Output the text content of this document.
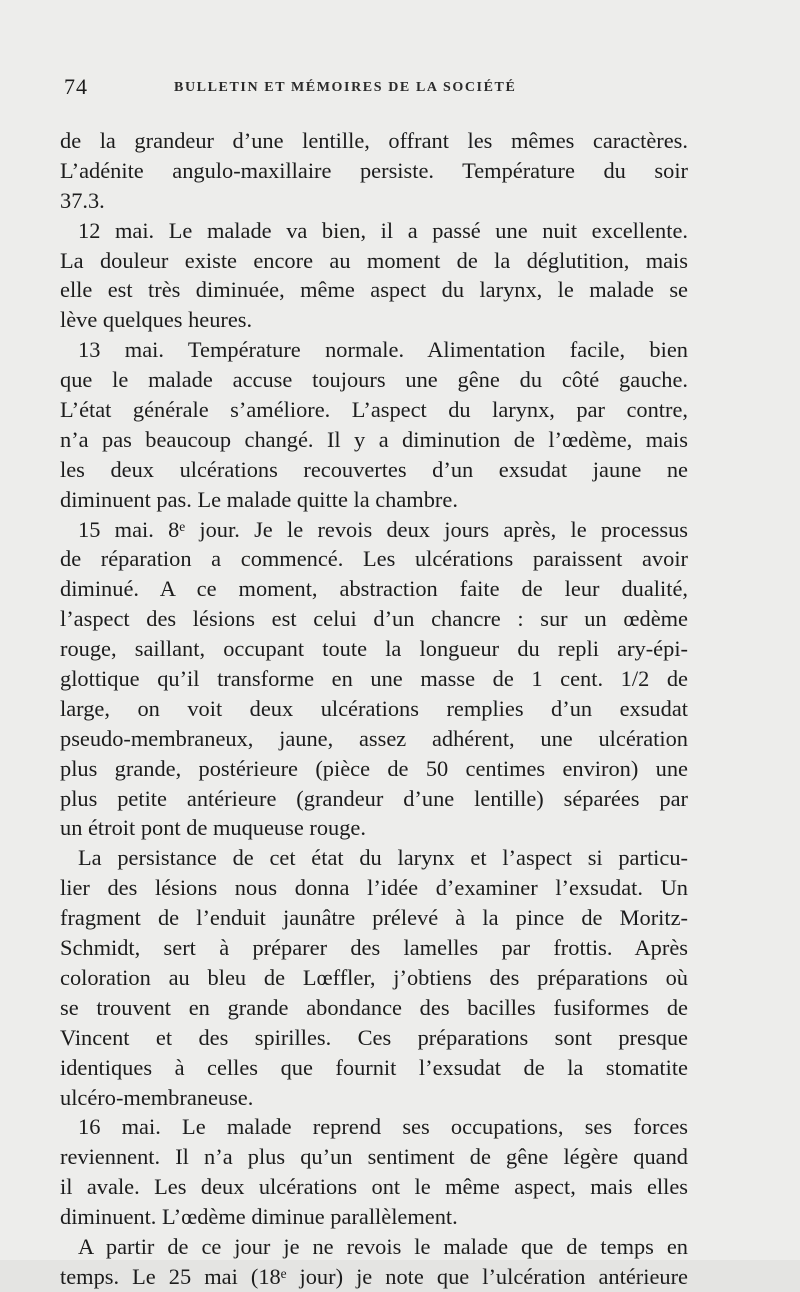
74	BULLETIN ET MÉMOIRES DE LA SOCIÉTÉ

de la grandeur d’une lentille, offrant les mêmes caractères.
L’adénite angulo-maxillaire persiste. Température du soir
37.3.

12 mai. Le malade va bien, il a passé une nuit excellente.
La douleur existe encore au moment de la déglutition, mais
elle est très diminuée, même aspect du larynx, le malade se
lève quelques heures.

13 mai. Température normale. Alimentation facile, bien
que le malade accuse toujours une gêne du côté gauche.
L’état générale s’améliore. L’aspect du larynx, par contre,
n’a pas beaucoup changé. Il y a diminution de l’œdème, mais
les deux ulcérations recouvertes d’un exsudat jaune ne
diminuent pas. Le malade quitte la chambre.

15 mai. 8ᵉ jour. Je le revois deux jours après, le processus
de réparation a commencé. Les ulcérations paraissent avoir
diminué. A ce moment, abstraction faite de leur dualité,
l’aspect des lésions est celui d’un chancre : sur un œdème
rouge, saillant, occupant toute la longueur du repli ary-épi-
glottique qu’il transforme en une masse de 1 cent. 1/2 de
large, on voit deux ulcérations remplies d’un exsudat
pseudo-membraneux, jaune, assez adhérent, une ulcération
plus grande, postérieure (pièce de 50 centimes environ) une
plus petite antérieure (grandeur d’une lentille) séparées par
un étroit pont de muqueuse rouge.

La persistance de cet état du larynx et l’aspect si particu-
lier des lésions nous donna l’idée d’examiner l’exsudat. Un
fragment de l’enduit jaunâtre prélevé à la pince de Moritz-
Schmidt, sert à préparer des lamelles par frottis. Après
coloration au bleu de Lœffler, j’obtiens des préparations où
se trouvent en grande abondance des bacilles fusiformes de
Vincent et des spirilles. Ces préparations sont presque
identiques à celles que fournit l’exsudat de la stomatite
ulcéro-membraneuse.

16 mai. Le malade reprend ses occupations, ses forces
reviennent. Il n’a plus qu’un sentiment de gêne légère quand
il avale. Les deux ulcérations ont le même aspect, mais elles
diminuent. L’œdème diminue parallèlement.

A partir de ce jour je ne revois le malade que de temps en
temps. Le 25 mai (18ᵉ jour) je note que l’ulcération antérieure
